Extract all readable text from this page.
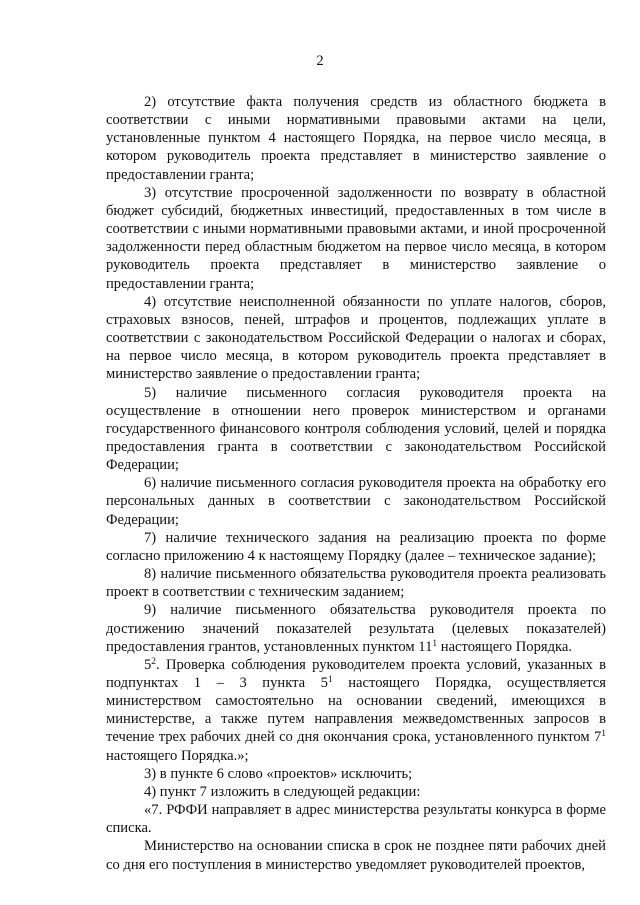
2

2) отсутствие факта получения средств из областного бюджета в соответствии с иными нормативными правовыми актами на цели, установленные пунктом 4 настоящего Порядка, на первое число месяца, в котором руководитель проекта представляет в министерство заявление о предоставлении гранта;

3) отсутствие просроченной задолженности по возврату в областной бюджет субсидий, бюджетных инвестиций, предоставленных в том числе в соответствии с иными нормативными правовыми актами, и иной просроченной задолженности перед областным бюджетом на первое число месяца, в котором руководитель проекта представляет в министерство заявление о предоставлении гранта;

4) отсутствие неисполненной обязанности по уплате налогов, сборов, страховых взносов, пеней, штрафов и процентов, подлежащих уплате в соответствии с законодательством Российской Федерации о налогах и сборах, на первое число месяца, в котором руководитель проекта представляет в министерство заявление о предоставлении гранта;

5) наличие письменного согласия руководителя проекта на осуществление в отношении него проверок министерством и органами государственного финансового контроля соблюдения условий, целей и порядка предоставления гранта в соответствии с законодательством Российской Федерации;

6) наличие письменного согласия руководителя проекта на обработку его персональных данных в соответствии с законодательством Российской Федерации;

7) наличие технического задания на реализацию проекта по форме согласно приложению 4 к настоящему Порядку (далее – техническое задание);

8) наличие письменного обязательства руководителя проекта реализовать проект в соответствии с техническим заданием;

9) наличие письменного обязательства руководителя проекта по достижению значений показателей результата (целевых показателей) предоставления грантов, установленных пунктом $11^1$ настоящего Порядка.

$5^2$. Проверка соблюдения руководителем проекта условий, указанных в подпунктах 1 – 3 пункта $5^1$ настоящего Порядка, осуществляется министерством самостоятельно на основании сведений, имеющихся в министерстве, а также путем направления межведомственных запросов в течение трех рабочих дней со дня окончания срока, установленного пунктом $7^1$ настоящего Порядка.»;

3) в пункте 6 слово «проектов» исключить;

4) пункт 7 изложить в следующей редакции:

«7. РФФИ направляет в адрес министерства результаты конкурса в форме списка.

Министерство на основании списка в срок не позднее пяти рабочих дней со дня его поступления в министерство уведомляет руководителей проектов,
